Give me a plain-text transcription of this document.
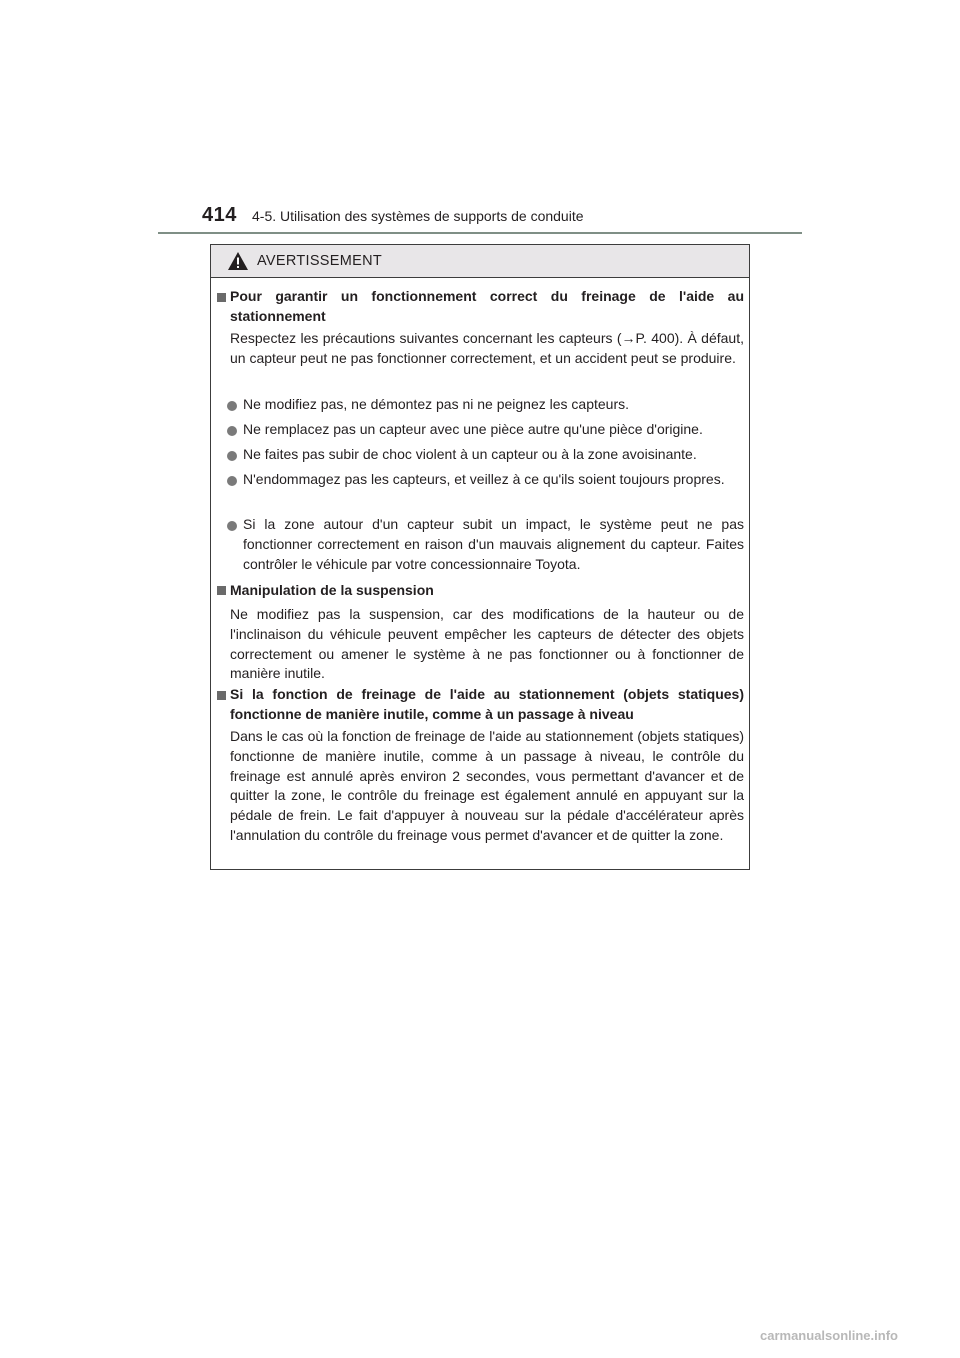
414 4-5. Utilisation des systèmes de supports de conduite
AVERTISSEMENT
Pour garantir un fonctionnement correct du freinage de l'aide au stationnement
Respectez les précautions suivantes concernant les capteurs (→P. 400). À défaut, un capteur peut ne pas fonctionner correctement, et un accident peut se produire.
Ne modifiez pas, ne démontez pas ni ne peignez les capteurs.
Ne remplacez pas un capteur avec une pièce autre qu'une pièce d'origine.
Ne faites pas subir de choc violent à un capteur ou à la zone avoisinante.
N'endommagez pas les capteurs, et veillez à ce qu'ils soient toujours propres.
Si la zone autour d'un capteur subit un impact, le système peut ne pas fonctionner correctement en raison d'un mauvais alignement du capteur. Faites contrôler le véhicule par votre concessionnaire Toyota.
Manipulation de la suspension
Ne modifiez pas la suspension, car des modifications de la hauteur ou de l'inclinaison du véhicule peuvent empêcher les capteurs de détecter des objets correctement ou amener le système à ne pas fonctionner ou à fonctionner de manière inutile.
Si la fonction de freinage de l'aide au stationnement (objets statiques) fonctionne de manière inutile, comme à un passage à niveau
Dans le cas où la fonction de freinage de l'aide au stationnement (objets statiques) fonctionne de manière inutile, comme à un passage à niveau, le contrôle du freinage est annulé après environ 2 secondes, vous permettant d'avancer et de quitter la zone, le contrôle du freinage est également annulé en appuyant sur la pédale de frein. Le fait d'appuyer à nouveau sur la pédale d'accélérateur après l'annulation du contrôle du freinage vous permet d'avancer et de quitter la zone.
carmanualsonline.info
